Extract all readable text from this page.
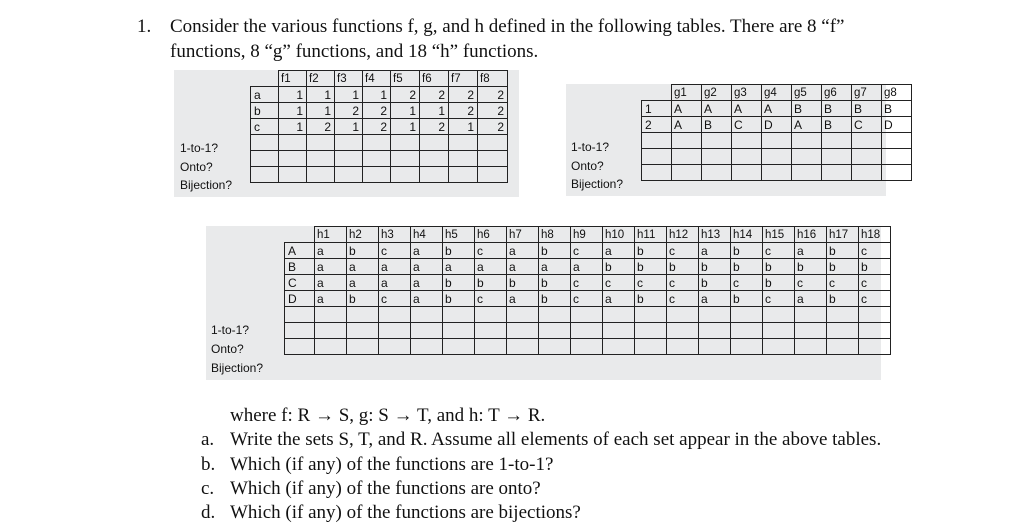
1. Consider the various functions f, g, and h defined in the following tables. There are 8 “f”
functions, 8 “g” functions, and 18 “h” functions.
	f1	f2	f3	f4	f5	f6	f7	f8
a	1	1	1	1	2	2	2	2
b	1	1	2	2	1	1	2	2
c	1	2	1	2	1	2	1	2

1-to-1?
Onto?
Bijection?
	g1	g2	g3	g4	g5	g6	g7	g8
1	A	A	A	A	B	B	B	B
2	A	B	C	D	A	B	C	D

1-to-1?
Onto?
Bijection?
	h1	h2	h3	h4	h5	h6	h7	h8	h9	h10	h11	h12	h13	h14	h15	h16	h17	h18
A	a	b	c	a	b	c	a	b	c	a	b	c	a	b	c	a	b	c
B	a	a	a	a	a	a	a	a	a	b	b	b	b	b	b	b	b	b
C	a	a	a	a	b	b	b	b	c	c	c	c	b	c	b	c	c	c
D	a	b	c	a	b	c	a	b	c	a	b	c	a	b	c	a	b	c

1-to-1?
Onto?
Bijection?
where f: R → S, g: S → T, and h: T → R.
a. Write the sets S, T, and R. Assume all elements of each set appear in the above tables.
b. Which (if any) of the functions are 1-to-1?
c. Which (if any) of the functions are onto?
d. Which (if any) of the functions are bijections?
